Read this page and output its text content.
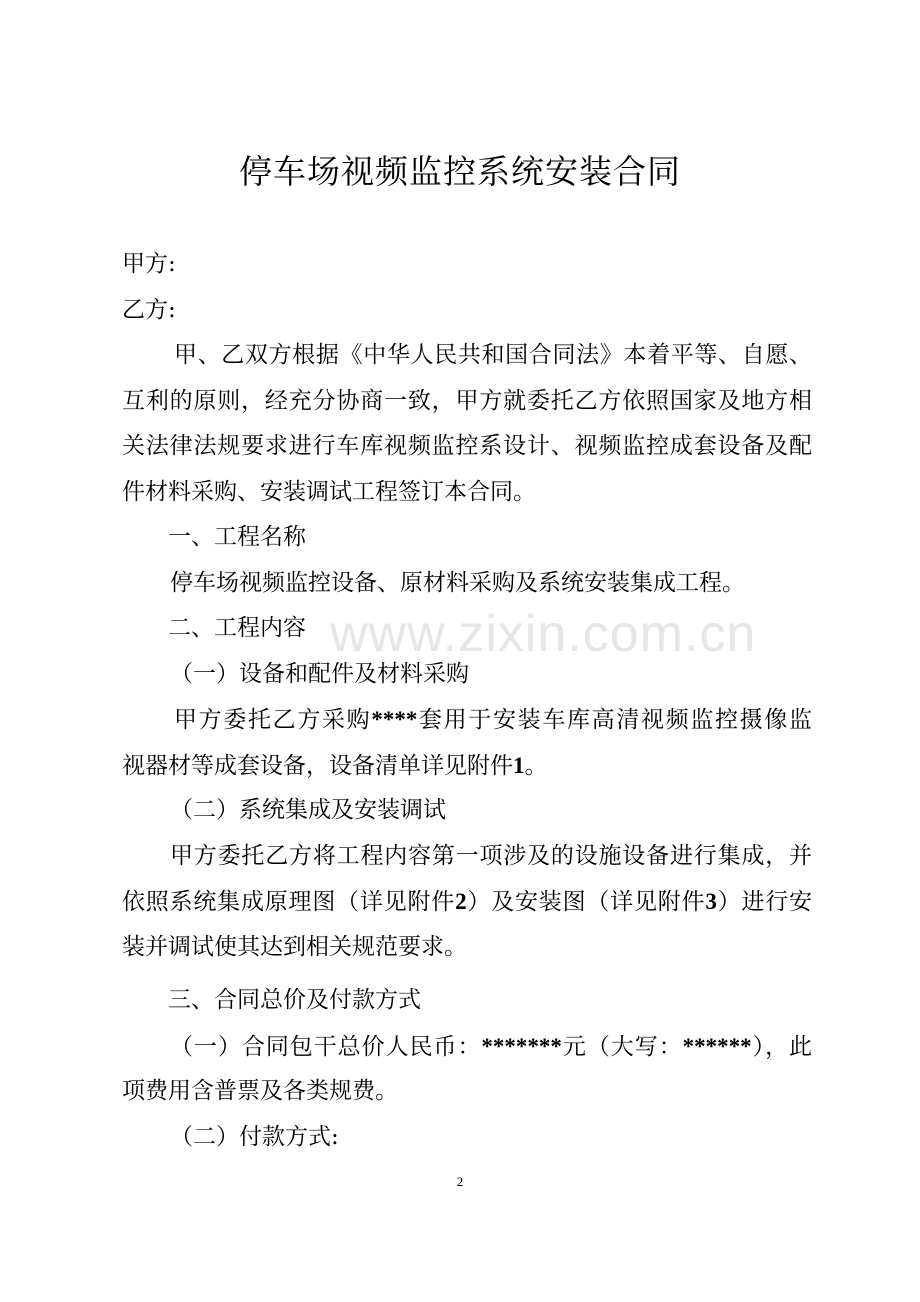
www.zixin.com.cn
停车场视频监控系统安装合同
甲方:
乙方:
甲、乙双方根据《中华人民共和国合同法》本着平等、自愿、
互利的原则，经充分协商一致，甲方就委托乙方依照国家及地方相
关法律法规要求进行车库视频监控系设计、视频监控成套设备及配
件材料采购、安装调试工程签订本合同。
一、工程名称
停车场视频监控设备、原材料采购及系统安装集成工程。
二、工程内容
（一）设备和配件及材料采购
甲方委托乙方采购****套用于安装车库高清视频监控摄像监
视器材等成套设备，设备清单详见附件1。
（二）系统集成及安装调试
甲方委托乙方将工程内容第一项涉及的设施设备进行集成，并
依照系统集成原理图（详见附件2）及安装图（详见附件3）进行安
装并调试使其达到相关规范要求。
三、合同总价及付款方式
（一）合同包干总价人民币：*******元（大写：******），此
项费用含普票及各类规费。
（二）付款方式:
2
